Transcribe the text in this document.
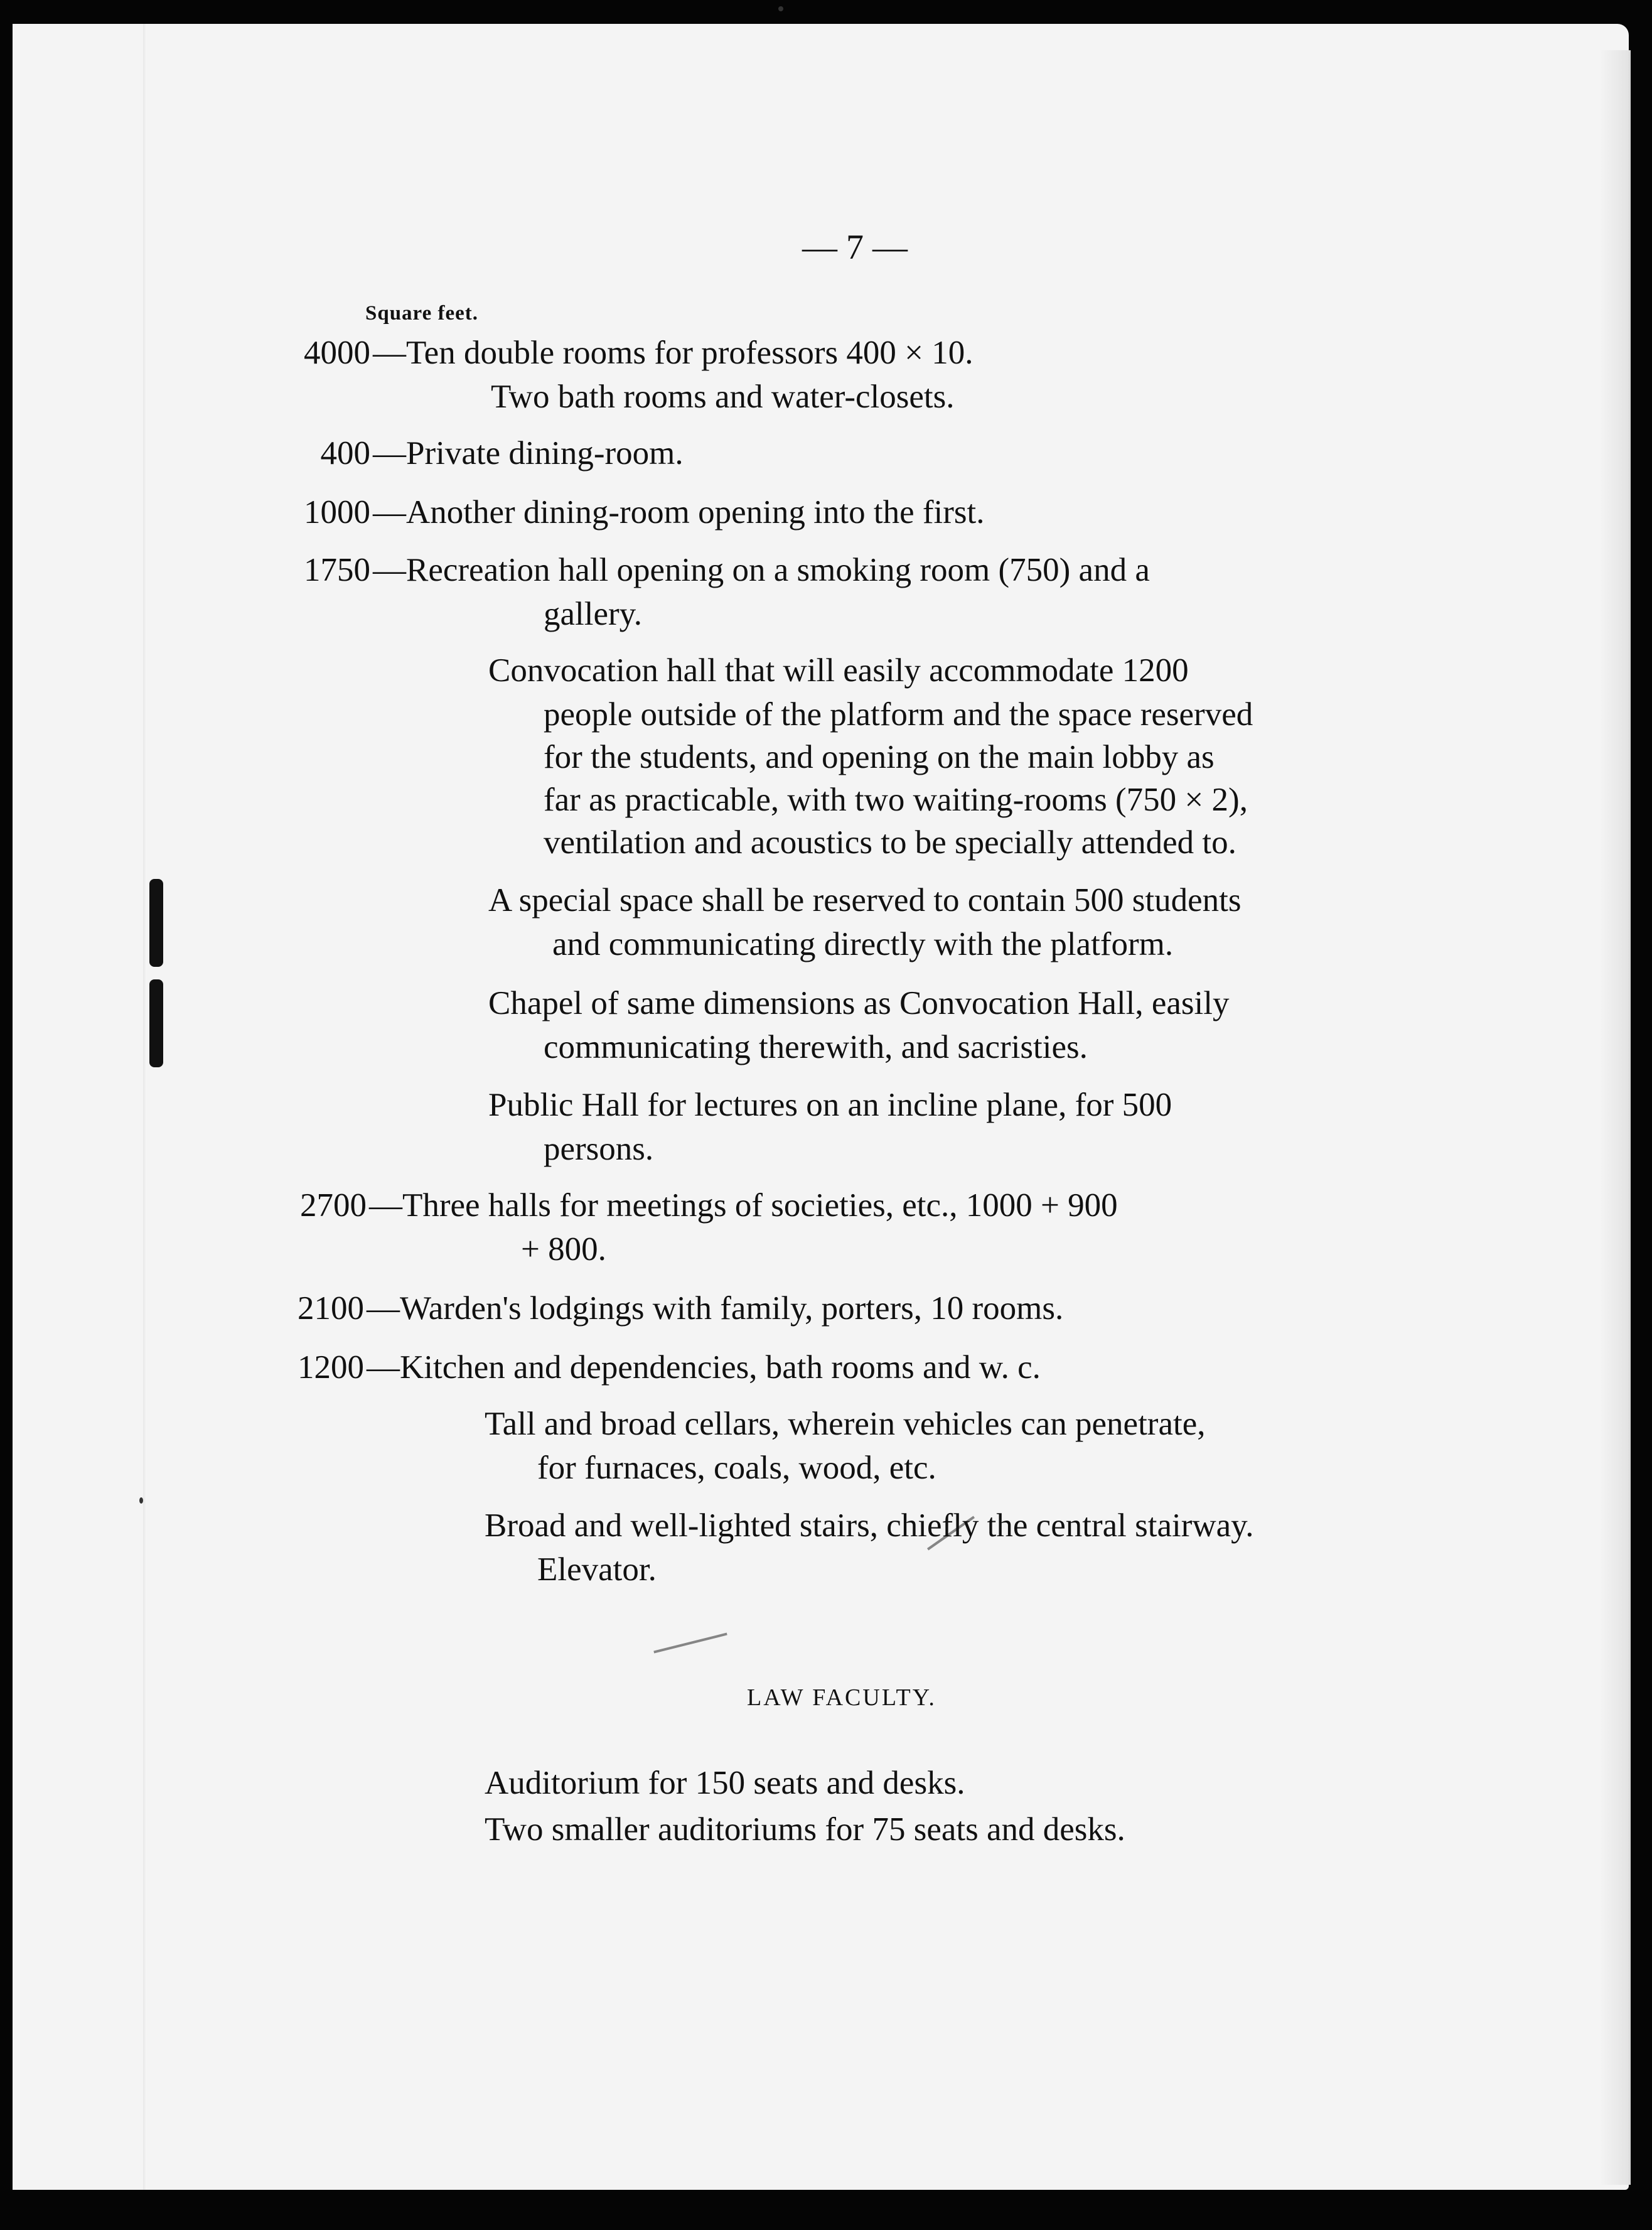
— 7 —
Square feet.
4000 —Ten double rooms for professors 400 × 10.
Two bath rooms and water-closets.
400 —Private dining-room.
1000 —Another dining-room opening into the first.
1750 —Recreation hall opening on a smoking room (750) and a
gallery.
Convocation hall that will easily accommodate 1200
people outside of the platform and the space reserved
for the students, and opening on the main lobby as
far as practicable, with two waiting-rooms (750 × 2),
ventilation and acoustics to be specially attended to.
A special space shall be reserved to contain 500 students
and communicating directly with the platform.
Chapel of same dimensions as Convocation Hall, easily
communicating therewith, and sacristies.
Public Hall for lectures on an incline plane, for 500
persons.
2700 —Three halls for meetings of societies, etc., 1000 + 900
+ 800.
2100 —Warden's lodgings with family, porters, 10 rooms.
1200 —Kitchen and dependencies, bath rooms and w. c.
Tall and broad cellars, wherein vehicles can penetrate,
for furnaces, coals, wood, etc.
Broad and well-lighted stairs, chiefly the central stairway.
Elevator.
LAW FACULTY.
Auditorium for 150 seats and desks.
Two smaller auditoriums for 75 seats and desks.
